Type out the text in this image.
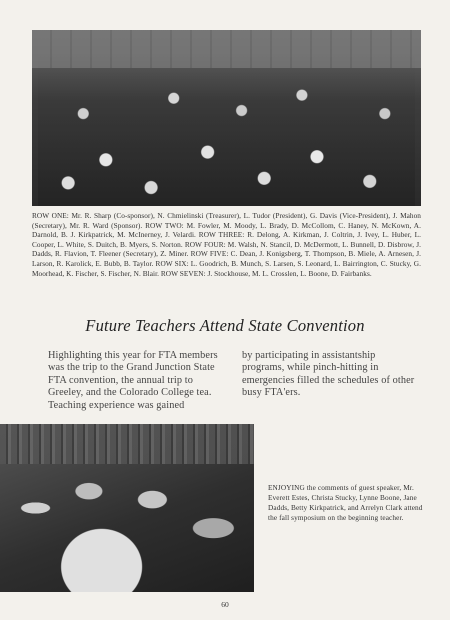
ROW ONE: Mr. R. Sharp (Co-sponsor), N. Chmielinski (Treasurer), L. Tudor (President), G. Davis (Vice-President), J. Mahon (Secretary), Mr. R. Ward (Sponsor). ROW TWO: M. Fowler, M. Moody, L. Brady, D. McCollom, C. Haney, N. McKown, A. Darnold, B. J. Kirkpatrick, M. McInerney, J. Velardi. ROW THREE: R. Delong, A. Kirkman, J. Coltrin, J. Ivey, L. Huber, L. Cooper, L. White, S. Duitch, B. Myers, S. Norton. ROW FOUR: M. Walsh, N. Stancil, D. McDermott, L. Bunnell, D. Disbrow, J. Dadds, R. Flavion, T. Fleener (Secretary), Z. Miner. ROW FIVE: C. Dean, J. Konigsberg, T. Thompson, B. Miele, A. Arnesen, J. Larson, R. Karolick, E. Bubb, B. Taylor. ROW SIX: L. Goodrich, B. Munch, S. Larsen, S. Leonard, L. Bairrington, C. Stucky, G. Moorhead, K. Fischer, S. Fischer, N. Blair. ROW SEVEN: J. Stockhouse, M. L. Crosslen, L. Boone, D. Fairbanks.
Future Teachers Attend State Convention
Highlighting this year for FTA members was the trip to the Grand Junction State FTA convention, the annual trip to Greeley, and the Colorado College tea. Teaching experience was gained
by participating in assistantship programs, while pinch-hitting in emergencies filled the schedules of other busy FTA'ers.
ENJOYING the comments of guest speaker, Mr. Everett Estes, Christa Stucky, Lynne Boone, Jane Dadds, Betty Kirkpatrick, and Arrelyn Clark attend the fall symposium on the beginning teacher.
60
